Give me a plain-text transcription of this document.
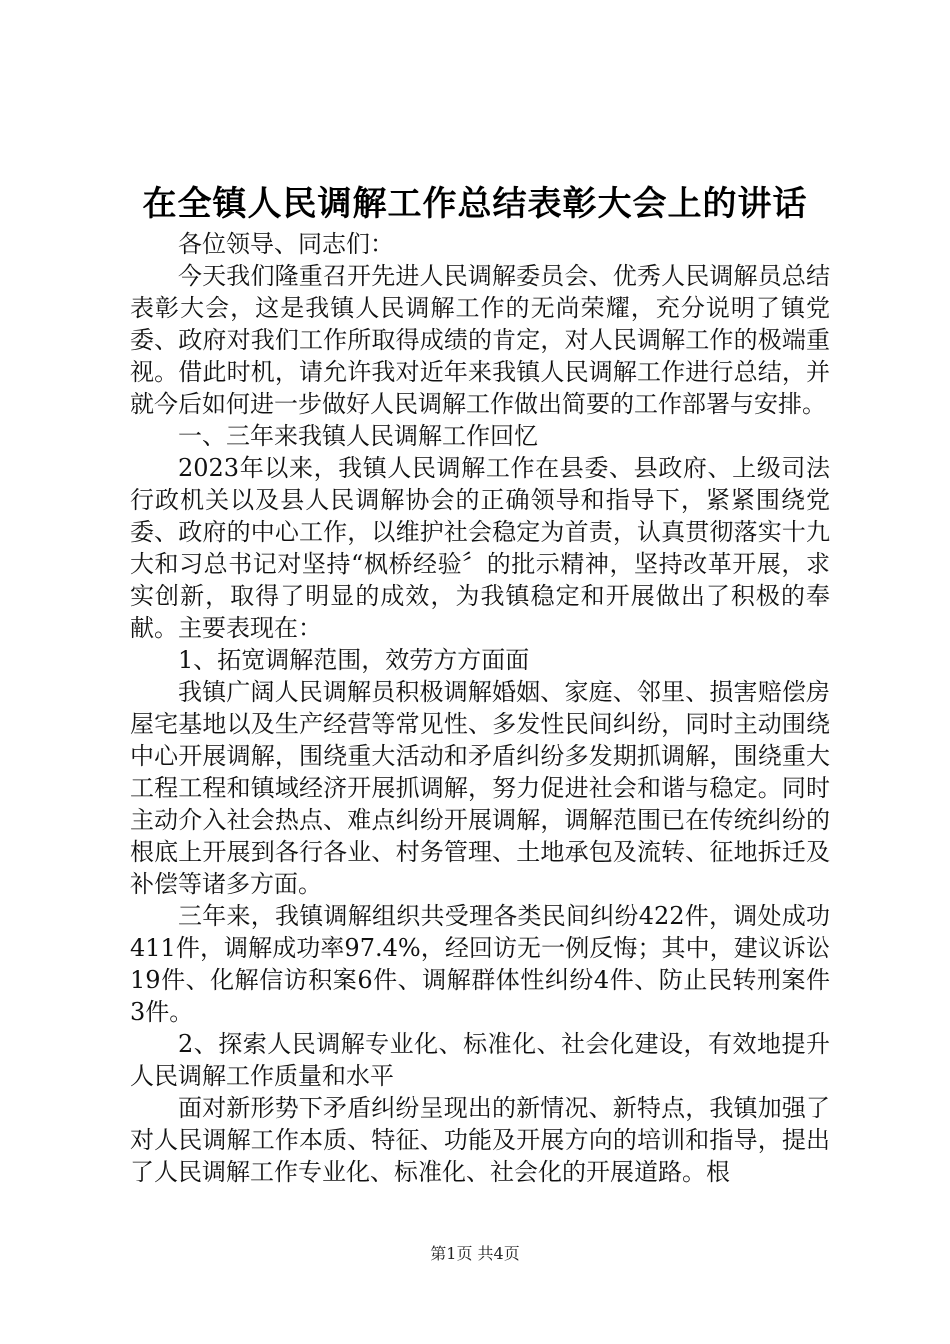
在全镇人民调解工作总结表彰大会上的讲话

各位领导、同志们：

今天我们隆重召开先进人民调解委员会、优秀人民调解员总结表彰大会，这是我镇人民调解工作的无尚荣耀，充分说明了镇党委、政府对我们工作所取得成绩的肯定，对人民调解工作的极端重视。借此时机，请允许我对近年来我镇人民调解工作进行总结，并就今后如何进一步做好人民调解工作做出简要的工作部署与安排。

一、三年来我镇人民调解工作回忆

2023年以来，我镇人民调解工作在县委、县政府、上级司法行政机关以及县人民调解协会的正确领导和指导下，紧紧围绕党委、政府的中心工作，以维护社会稳定为首责，认真贯彻落实十九大和习总书记对坚持“枫桥经验〞的批示精神，坚持改革开展，求实创新，取得了明显的成效，为我镇稳定和开展做出了积极的奉献。主要表现在：

1、拓宽调解范围，效劳方方面面

我镇广阔人民调解员积极调解婚姻、家庭、邻里、损害赔偿房屋宅基地以及生产经营等常见性、多发性民间纠纷，同时主动围绕中心开展调解，围绕重大活动和矛盾纠纷多发期抓调解，围绕重大工程工程和镇域经济开展抓调解，努力促进社会和谐与稳定。同时主动介入社会热点、难点纠纷开展调解，调解范围已在传统纠纷的根底上开展到各行各业、村务管理、土地承包及流转、征地拆迁及补偿等诸多方面。

三年来，我镇调解组织共受理各类民间纠纷422件，调处成功411件，调解成功率97.4%，经回访无一例反悔；其中，建议诉讼19件、化解信访积案6件、调解群体性纠纷4件、防止民转刑案件3件。

2、探索人民调解专业化、标准化、社会化建设，有效地提升人民调解工作质量和水平

面对新形势下矛盾纠纷呈现出的新情况、新特点，我镇加强了对人民调解工作本质、特征、功能及开展方向的培训和指导，提出了人民调解工作专业化、标准化、社会化的开展道路。根

第1页 共4页
